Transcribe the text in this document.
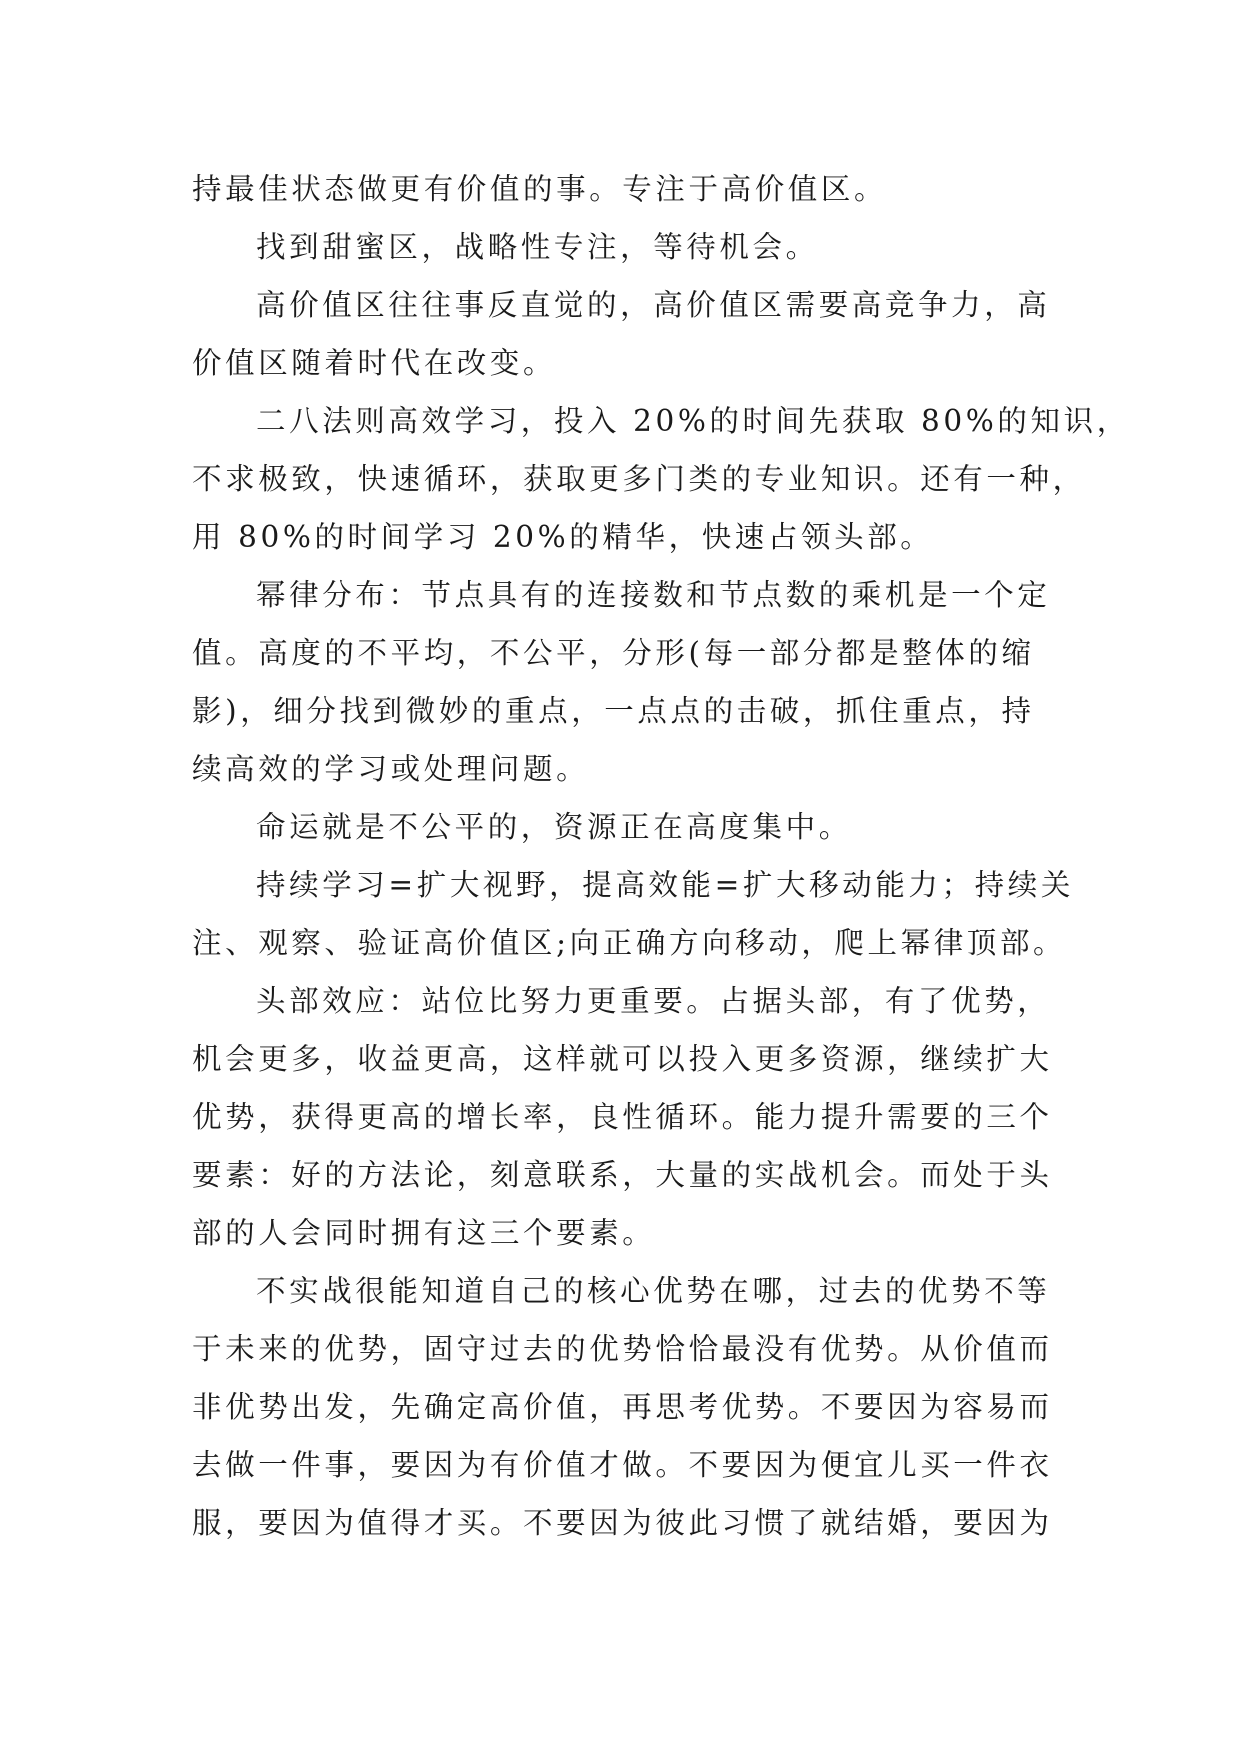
持最佳状态做更有价值的事。专注于高价值区。
找到甜蜜区，战略性专注，等待机会。
高价值区往往事反直觉的，高价值区需要高竞争力，高
价值区随着时代在改变。
二八法则高效学习，投入 20%的时间先获取 80%的知识，
不求极致，快速循环，获取更多门类的专业知识。还有一种，
用 80%的时间学习 20%的精华，快速占领头部。
幂律分布：节点具有的连接数和节点数的乘机是一个定
值。高度的不平均，不公平，分形(每一部分都是整体的缩
影)，细分找到微妙的重点，一点点的击破，抓住重点，持
续高效的学习或处理问题。
命运就是不公平的，资源正在高度集中。
持续学习=扩大视野，提高效能=扩大移动能力；持续关
注、观察、验证高价值区;向正确方向移动，爬上幂律顶部。
头部效应：站位比努力更重要。占据头部，有了优势，
机会更多，收益更高，这样就可以投入更多资源，继续扩大
优势，获得更高的增长率，良性循环。能力提升需要的三个
要素：好的方法论，刻意联系，大量的实战机会。而处于头
部的人会同时拥有这三个要素。
不实战很能知道自己的核心优势在哪，过去的优势不等
于未来的优势，固守过去的优势恰恰最没有优势。从价值而
非优势出发，先确定高价值，再思考优势。不要因为容易而
去做一件事，要因为有价值才做。不要因为便宜儿买一件衣
服，要因为值得才买。不要因为彼此习惯了就结婚，要因为
